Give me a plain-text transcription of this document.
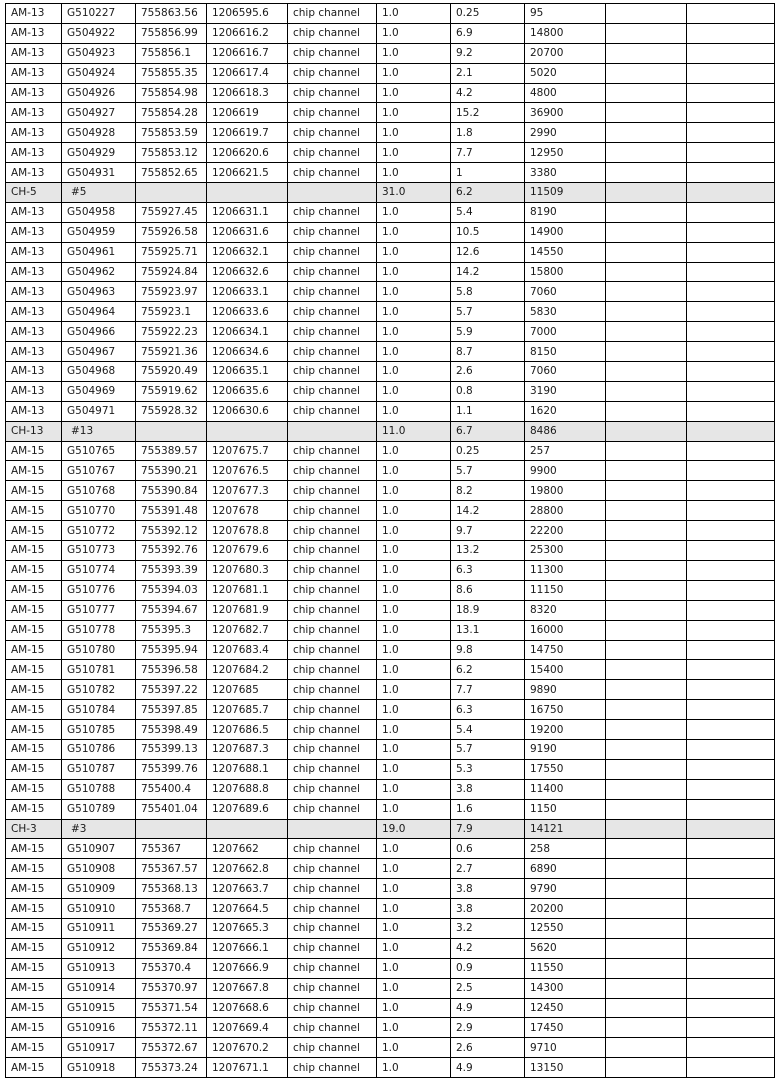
AM-13	G510227	755863.56	1206595.6	chip channel	1.0	0.25	95		
AM-13	G504922	755856.99	1206616.2	chip channel	1.0	6.9	14800		
AM-13	G504923	755856.1	1206616.7	chip channel	1.0	9.2	20700		
AM-13	G504924	755855.35	1206617.4	chip channel	1.0	2.1	5020		
AM-13	G504926	755854.98	1206618.3	chip channel	1.0	4.2	4800		
AM-13	G504927	755854.28	1206619	chip channel	1.0	15.2	36900		
AM-13	G504928	755853.59	1206619.7	chip channel	1.0	1.8	2990		
AM-13	G504929	755853.12	1206620.6	chip channel	1.0	7.7	12950		
AM-13	G504931	755852.65	1206621.5	chip channel	1.0	1	3380		
CH-5	#5				31.0	6.2	11509		
AM-13	G504958	755927.45	1206631.1	chip channel	1.0	5.4	8190		
AM-13	G504959	755926.58	1206631.6	chip channel	1.0	10.5	14900		
AM-13	G504961	755925.71	1206632.1	chip channel	1.0	12.6	14550		
AM-13	G504962	755924.84	1206632.6	chip channel	1.0	14.2	15800		
AM-13	G504963	755923.97	1206633.1	chip channel	1.0	5.8	7060		
AM-13	G504964	755923.1	1206633.6	chip channel	1.0	5.7	5830		
AM-13	G504966	755922.23	1206634.1	chip channel	1.0	5.9	7000		
AM-13	G504967	755921.36	1206634.6	chip channel	1.0	8.7	8150		
AM-13	G504968	755920.49	1206635.1	chip channel	1.0	2.6	7060		
AM-13	G504969	755919.62	1206635.6	chip channel	1.0	0.8	3190		
AM-13	G504971	755928.32	1206630.6	chip channel	1.0	1.1	1620		
CH-13	#13				11.0	6.7	8486		
AM-15	G510765	755389.57	1207675.7	chip channel	1.0	0.25	257		
AM-15	G510767	755390.21	1207676.5	chip channel	1.0	5.7	9900		
AM-15	G510768	755390.84	1207677.3	chip channel	1.0	8.2	19800		
AM-15	G510770	755391.48	1207678	chip channel	1.0	14.2	28800		
AM-15	G510772	755392.12	1207678.8	chip channel	1.0	9.7	22200		
AM-15	G510773	755392.76	1207679.6	chip channel	1.0	13.2	25300		
AM-15	G510774	755393.39	1207680.3	chip channel	1.0	6.3	11300		
AM-15	G510776	755394.03	1207681.1	chip channel	1.0	8.6	11150		
AM-15	G510777	755394.67	1207681.9	chip channel	1.0	18.9	8320		
AM-15	G510778	755395.3	1207682.7	chip channel	1.0	13.1	16000		
AM-15	G510780	755395.94	1207683.4	chip channel	1.0	9.8	14750		
AM-15	G510781	755396.58	1207684.2	chip channel	1.0	6.2	15400		
AM-15	G510782	755397.22	1207685	chip channel	1.0	7.7	9890		
AM-15	G510784	755397.85	1207685.7	chip channel	1.0	6.3	16750		
AM-15	G510785	755398.49	1207686.5	chip channel	1.0	5.4	19200		
AM-15	G510786	755399.13	1207687.3	chip channel	1.0	5.7	9190		
AM-15	G510787	755399.76	1207688.1	chip channel	1.0	5.3	17550		
AM-15	G510788	755400.4	1207688.8	chip channel	1.0	3.8	11400		
AM-15	G510789	755401.04	1207689.6	chip channel	1.0	1.6	1150		
CH-3	#3				19.0	7.9	14121		
AM-15	G510907	755367	1207662	chip channel	1.0	0.6	258		
AM-15	G510908	755367.57	1207662.8	chip channel	1.0	2.7	6890		
AM-15	G510909	755368.13	1207663.7	chip channel	1.0	3.8	9790		
AM-15	G510910	755368.7	1207664.5	chip channel	1.0	3.8	20200		
AM-15	G510911	755369.27	1207665.3	chip channel	1.0	3.2	12550		
AM-15	G510912	755369.84	1207666.1	chip channel	1.0	4.2	5620		
AM-15	G510913	755370.4	1207666.9	chip channel	1.0	0.9	11550		
AM-15	G510914	755370.97	1207667.8	chip channel	1.0	2.5	14300		
AM-15	G510915	755371.54	1207668.6	chip channel	1.0	4.9	12450		
AM-15	G510916	755372.11	1207669.4	chip channel	1.0	2.9	17450		
AM-15	G510917	755372.67	1207670.2	chip channel	1.0	2.6	9710		
AM-15	G510918	755373.24	1207671.1	chip channel	1.0	4.9	13150		
